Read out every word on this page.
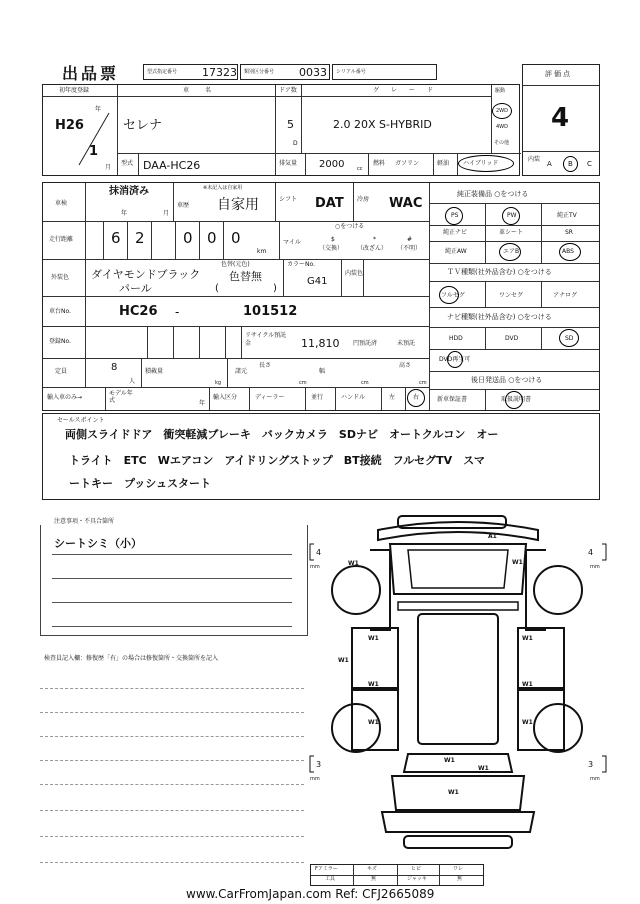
出品票	型式指定番号 17323 類別区分番号 0033 シリアル番号	評価点
4
内装
A B C
初年度登録
年
H26
1
月
車名
セレナ
型式 DAA-HC26
ドア数
5
D
グレード
2.0 20X S-HYBRID
排気量 2000	cc
燃料 ガソリン	軽油 ハイブリッド
駆動
2WD
4WD
その他
車検
抹消済み
年	月
※未記入は自家用
車歴 自家用	シフト DAT 冷房 WAC
走行距離	6 2	0 0 0
km
マイル
○をつける
$
（交換）
*
（改ざん）
#
（不明）
外装色 ダイヤモンドブラック
パール
色替(元色)
色替無
(	)
カラーNo.
G41
内装色
車台No.	HC26 -	101512
登録No.
リサイクル預託金	11,810 円預託済	未預託
定員	8
人
積載量
kg
諸元
長さ
cm
幅
cm
高さ
cm
輸入車のみ→
モデル年式	年
輸入区分	ディーラー	並行	ハンドル	左	右
純正装備品 ○をつける
PS	PW	純正TV
純正ナビ	革シート	SR
純正AW	エアB	ABS
ＴＶ種類(社外品含む) ○をつける
フルセグ	ワンセグ	アナログ
ナビ種類(社外品含む) ○をつける
HDD	DVD	SD
DVD再生可
後日発送品 ○をつける
新車保証書	取扱説明書
セールスポイント
両側スライドドア　衝突軽減ブレーキ　バックカメラ　SDナビ　オートクルコン　オー
トライト　ETC　Wエアコン　アイドリングストップ　BT接続　フルセグTV　スマ
ートキー　プッシュスタート
注意事項・不具合箇所
シートシミ（小）
検査員記入欄：修復歴「有」の場合は修復箇所・交換箇所を記入
A1
W1	W1
W1
W1
W1
W1
W1
W1
W1
W1
W1
W1
4	4
3	3
mm	mm
mm	mm
Fアミラー	キズ	ヒビ	ワレ
工具	無	ジャッキ	無
www.CarFromJapan.com Ref: CFJ2665089
